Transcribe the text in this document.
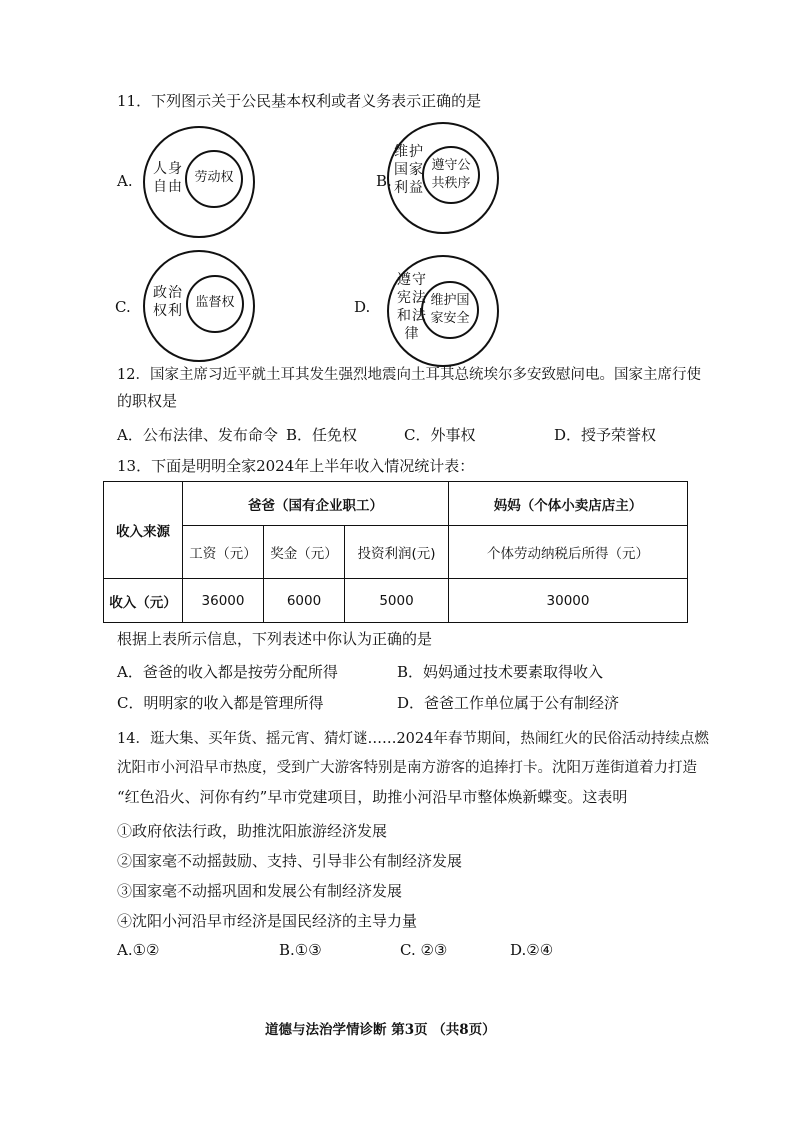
11．下列图示关于公民基本权利或者义务表示正确的是
A.
人身自由
劳动权	B.
维护国家利益
遵守公共秩序
C.
政治权利
监督权	D.
遵守宪法和法律
维护国家安全
12．国家主席习近平就土耳其发生强烈地震向土耳其总统埃尔多安致慰问电。国家主席行使
的职权是
A．公布法律、发布命令 B．任免权	C．外事权	D．授予荣誉权
13．下面是明明全家2024年上半年收入情况统计表：
收入来源	爸爸（国有企业职工）			妈妈（个体小卖店店主）
	工资（元）	奖金（元）	投资利润(元)	个体劳动纳税后所得（元）
收入（元）	36000	6000	5000	30000
根据上表所示信息，下列表述中你认为正确的是
A．爸爸的收入都是按劳分配所得	B．妈妈通过技术要素取得收入
C．明明家的收入都是管理所得	D．爸爸工作单位属于公有制经济
14．逛大集、买年货、摇元宵、猜灯谜……2024年春节期间，热闹红火的民俗活动持续点燃
沈阳市小河沿早市热度，受到广大游客特别是南方游客的追捧打卡。沈阳万莲街道着力打造
“红色沿火、河你有约”早市党建项目，助推小河沿早市整体焕新蝶变。这表明
①政府依法行政，助推沈阳旅游经济发展
②国家毫不动摇鼓励、支持、引导非公有制经济发展
③国家毫不动摇巩固和发展公有制经济发展
④沈阳小河沿早市经济是国民经济的主导力量
A.①②	B.①③	C. ②③	D.②④
道德与法治学情诊断 第3页 （共8页）
